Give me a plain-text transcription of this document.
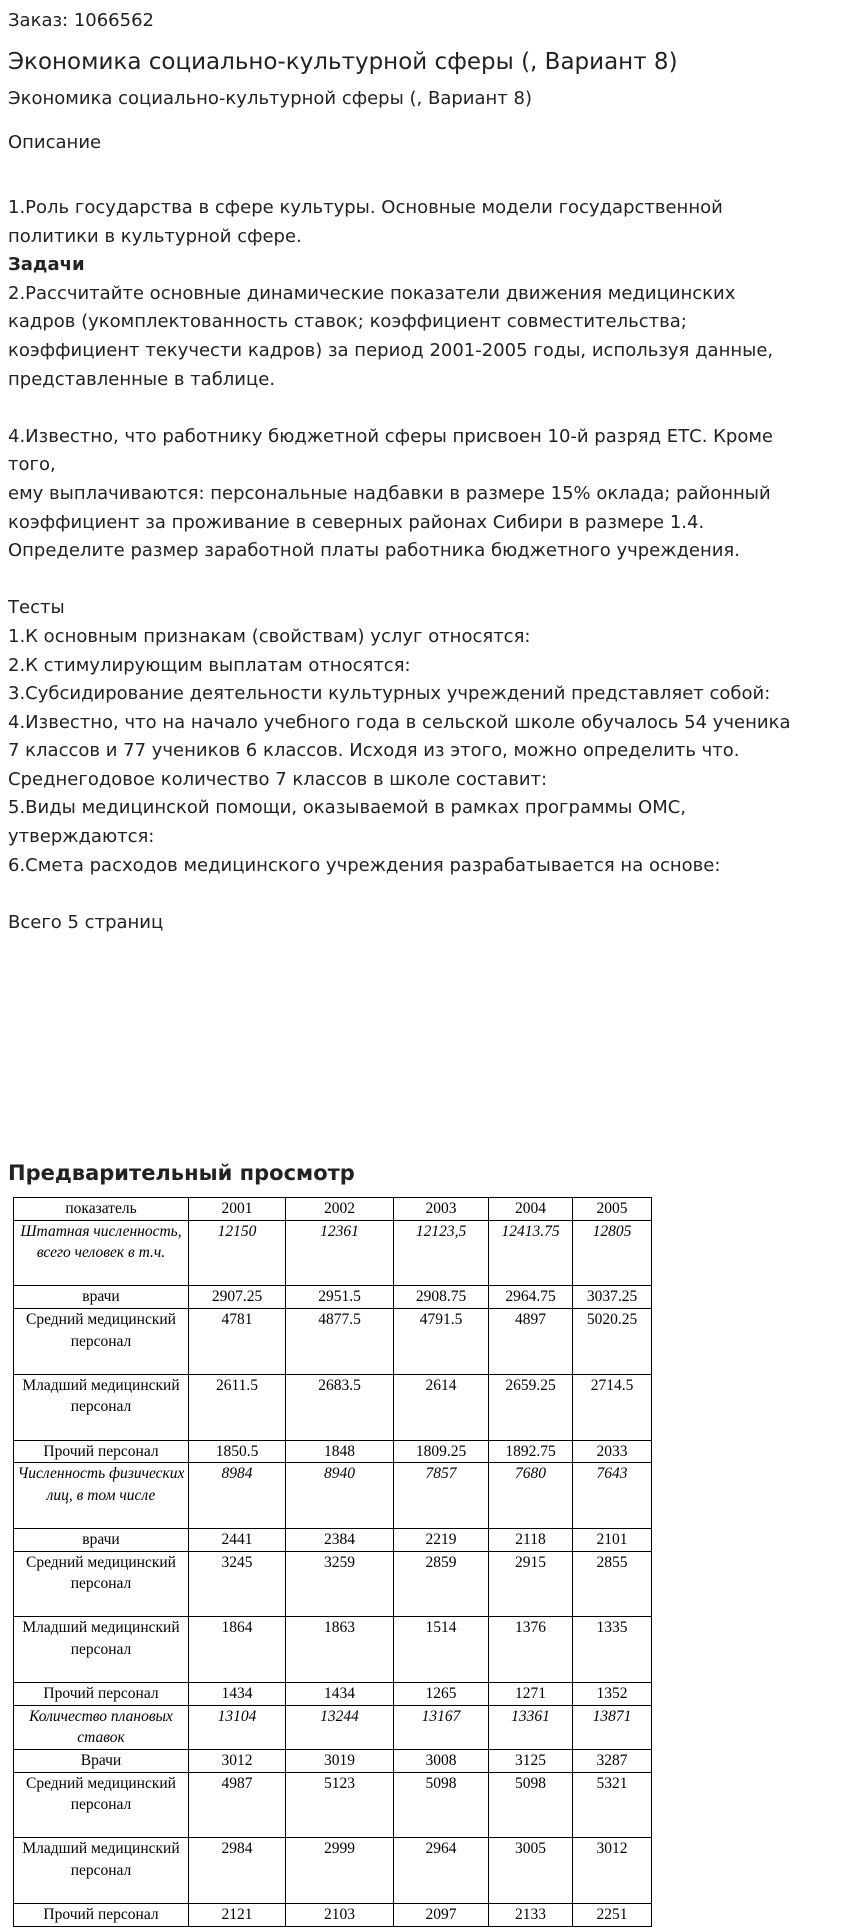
Заказ: 1066562
Экономика социально-культурной сферы (, Вариант 8)
Экономика социально-культурной сферы (, Вариант 8)
Описание
1.Роль государства в сфере культуры. Основные модели государственной
политики в культурной сфере.
Задачи
2.Рассчитайте основные динамические показатели движения медицинских
кадров (укомплектованность ставок; коэффициент совместительства;
коэффициент текучести кадров) за период 2001-2005 годы, используя данные,
представленные в таблице.
4.Известно, что работнику бюджетной сферы присвоен 10-й разряд ЕТС. Кроме
того,
ему выплачиваются: персональные надбавки в размере 15% оклада; районный
коэффициент за проживание в северных районах Сибири в размере 1.4.
Определите размер заработной платы работника бюджетного учреждения.
Тесты
1.К основным признакам (свойствам) услуг относятся:
2.К стимулирующим выплатам относятся:
3.Субсидирование деятельности культурных учреждений представляет собой:
4.Известно, что на начало учебного года в сельской школе обучалось 54 ученика
7 классов и 77 учеников 6 классов. Исходя из этого, можно определить что.
Среднегодовое количество 7 классов в школе составит:
5.Виды медицинской помощи, оказываемой в рамках программы ОМС,
утверждаются:
6.Смета расходов медицинского учреждения разрабатывается на основе:
Всего 5 страниц
Предварительный просмотр
показатель	2001	2002	2003	2004	2005
Штатная численность, всего человек в т.ч.	12150	12361	12123,5	12413.75	12805
врачи	2907.25	2951.5	2908.75	2964.75	3037.25
Средний медицинский персонал	4781	4877.5	4791.5	4897	5020.25
Младший медицинский персонал	2611.5	2683.5	2614	2659.25	2714.5
Прочий персонал	1850.5	1848	1809.25	1892.75	2033
Численность физических лиц, в том числе	8984	8940	7857	7680	7643
врачи	2441	2384	2219	2118	2101
Средний медицинский персонал	3245	3259	2859	2915	2855
Младший медицинский персонал	1864	1863	1514	1376	1335
Прочий персонал	1434	1434	1265	1271	1352
Количество плановых ставок	13104	13244	13167	13361	13871
Врачи	3012	3019	3008	3125	3287
Средний медицинский персонал	4987	5123	5098	5098	5321
Младший медицинский персонал	2984	2999	2964	3005	3012
Прочий персонал	2121	2103	2097	2133	2251
